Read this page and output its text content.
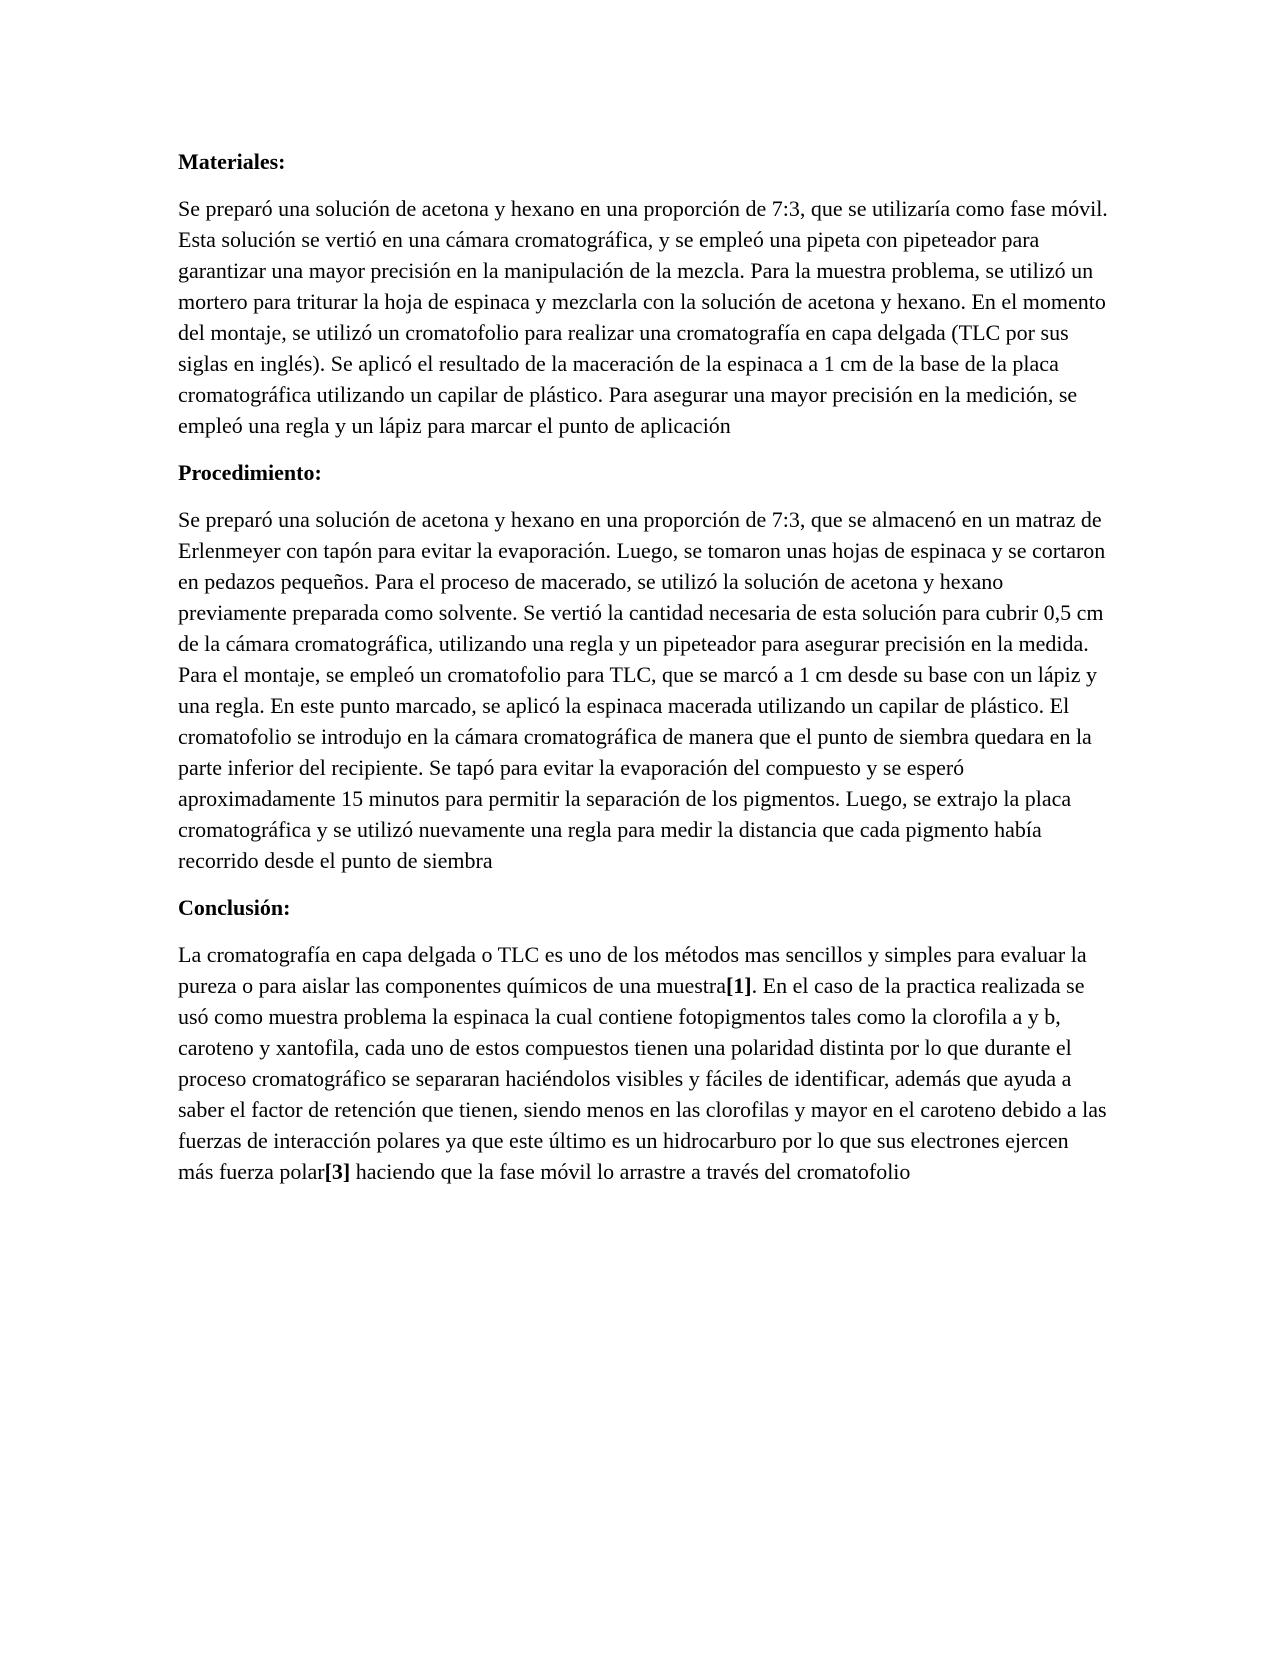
Materiales:

Se preparó una solución de acetona y hexano en una proporción de 7:3, que se utilizaría como fase móvil. Esta solución se vertió en una cámara cromatográfica, y se empleó una pipeta con pipeteador para garantizar una mayor precisión en la manipulación de la mezcla. Para la muestra problema, se utilizó un mortero para triturar la hoja de espinaca y mezclarla con la solución de acetona y hexano. En el momento del montaje, se utilizó un cromatofolio para realizar una cromatografía en capa delgada (TLC por sus siglas en inglés). Se aplicó el resultado de la maceración de la espinaca a 1 cm de la base de la placa cromatográfica utilizando un capilar de plástico. Para asegurar una mayor precisión en la medición, se empleó una regla y un lápiz para marcar el punto de aplicación

Procedimiento:

Se preparó una solución de acetona y hexano en una proporción de 7:3, que se almacenó en un matraz de Erlenmeyer con tapón para evitar la evaporación. Luego, se tomaron unas hojas de espinaca y se cortaron en pedazos pequeños. Para el proceso de macerado, se utilizó la solución de acetona y hexano previamente preparada como solvente. Se vertió la cantidad necesaria de esta solución para cubrir 0,5 cm de la cámara cromatográfica, utilizando una regla y un pipeteador para asegurar precisión en la medida. Para el montaje, se empleó un cromatofolio para TLC, que se marcó a 1 cm desde su base con un lápiz y una regla. En este punto marcado, se aplicó la espinaca macerada utilizando un capilar de plástico. El cromatofolio se introdujo en la cámara cromatográfica de manera que el punto de siembra quedara en la parte inferior del recipiente. Se tapó para evitar la evaporación del compuesto y se esperó aproximadamente 15 minutos para permitir la separación de los pigmentos. Luego, se extrajo la placa cromatográfica y se utilizó nuevamente una regla para medir la distancia que cada pigmento había recorrido desde el punto de siembra

Conclusión:

La cromatografía en capa delgada o TLC es uno de los métodos mas sencillos y simples para evaluar la pureza o para aislar las componentes químicos de una muestra[1]. En el caso de la practica realizada se usó como muestra problema la espinaca la cual contiene fotopigmentos tales como la clorofila a y b, caroteno y xantofila, cada uno de estos compuestos tienen una polaridad distinta por lo que durante el proceso cromatográfico se separaran haciéndolos visibles y fáciles de identificar, además que ayuda a saber el factor de retención que tienen, siendo menos en las clorofilas y mayor en el caroteno debido a las fuerzas de interacción polares ya que este último es un hidrocarburo por lo que sus electrones ejercen más fuerza polar[3] haciendo que la fase móvil lo arrastre a través del cromatofolio
